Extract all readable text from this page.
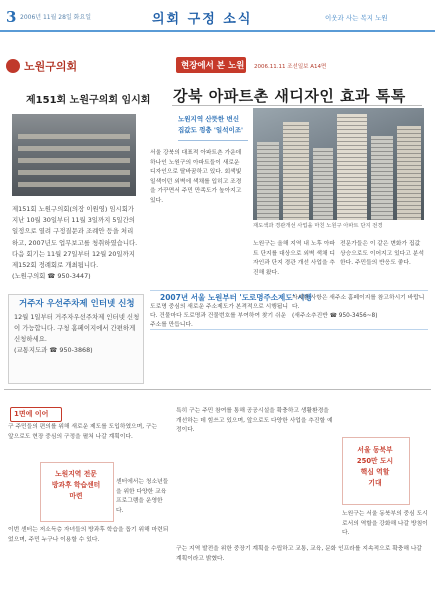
3 2006년 11월 28일 화요일	의회 구정 소식	이웃과 사는 복지 노원
노원구의회
제151회 노원구의회 임시회
제151회 노원구의회(의장 이원영) 임시회가 지난 10월 30일부터 11월 3일까지 5일간의 일정으로 열려 구정질문과 조례안 등을 처리하고, 2007년도 업무보고를 청취하였습니다.
다음 회기는 11월 27일부터 12월 20일까지 제152회 정례회로 개최됩니다.
(노원구의회 ☎ 950-3447)
거주자 우선주차제 인터넷 신청
12월 1일부터 거주자우선주차제 인터넷 신청이 가능합니다. 구청 홈페이지에서 간편하게 신청하세요.
(교통지도과 ☎ 950-3868)
현장에서 본 노원 2006.11.11 조선일보 A14면
강북 아파트촌 새디자인 효과 톡톡
노원지역 산뜻한 변신
집값도 껑충 '일석이조'
서울 강북의 대표적 아파트촌 가운데 하나인 노원구의 아파트들이 새로운 디자인으로 탈바꿈하고 있다. 회색빛 일색이던 외벽에 색채를 입히고 조경을 가꾸면서 주민 만족도가 높아지고 있다.
재도색과 경관개선 사업을 마친 노원구 아파트 단지 전경
노원구는 올해 지역 내 노후 아파트 단지를 대상으로 외벽 색채 디자인과 단지 경관 개선 사업을 추진해 왔다.
전문가들은 이 같은 변화가 집값 상승으로도 이어지고 있다고 분석한다. 주민들의 반응도 좋다.
2007년 서울 노원부터 '도로명주소제도' 시행
도로명 중심의 새로운 주소제도가 본격적으로 시행됩니다. 건물마다 도로명과 건물번호를 부여하여 찾기 쉬운 주소를 만듭니다.
자세한 사항은 새주소 홈페이지를 참고하시기 바랍니다.
(새주소추진반 ☎ 950-3456~8)
1면에 이어
구 주민들의 편의를 위해 새로운 제도를 도입하였으며, 구는 앞으로도 현장 중심의 구정을 펼쳐 나갈 계획이다.
노원지역 전문
방과후 학습센터
마련
센터에서는 청소년들을 위한 다양한 교육 프로그램을 운영한다.
이번 센터는 저소득층 자녀들의 방과후 학습을 돕기 위해 마련되었으며, 주민 누구나 이용할 수 있다.
특히 구는 주민 참여를 통해 공공시설을 확충하고 생활환경을 개선하는 데 힘쓰고 있으며, 앞으로도 다양한 사업을 추진할 예정이다.
서울 동북부
250만 도시
핵심 역할
기대
노원구는 서울 동북부의 중심 도시로서의 역할을 강화해 나갈 방침이다.
구는 지역 발전을 위한 중장기 계획을 수립하고 교통, 교육, 문화 인프라를 지속적으로 확충해 나갈 계획이라고 밝혔다.
